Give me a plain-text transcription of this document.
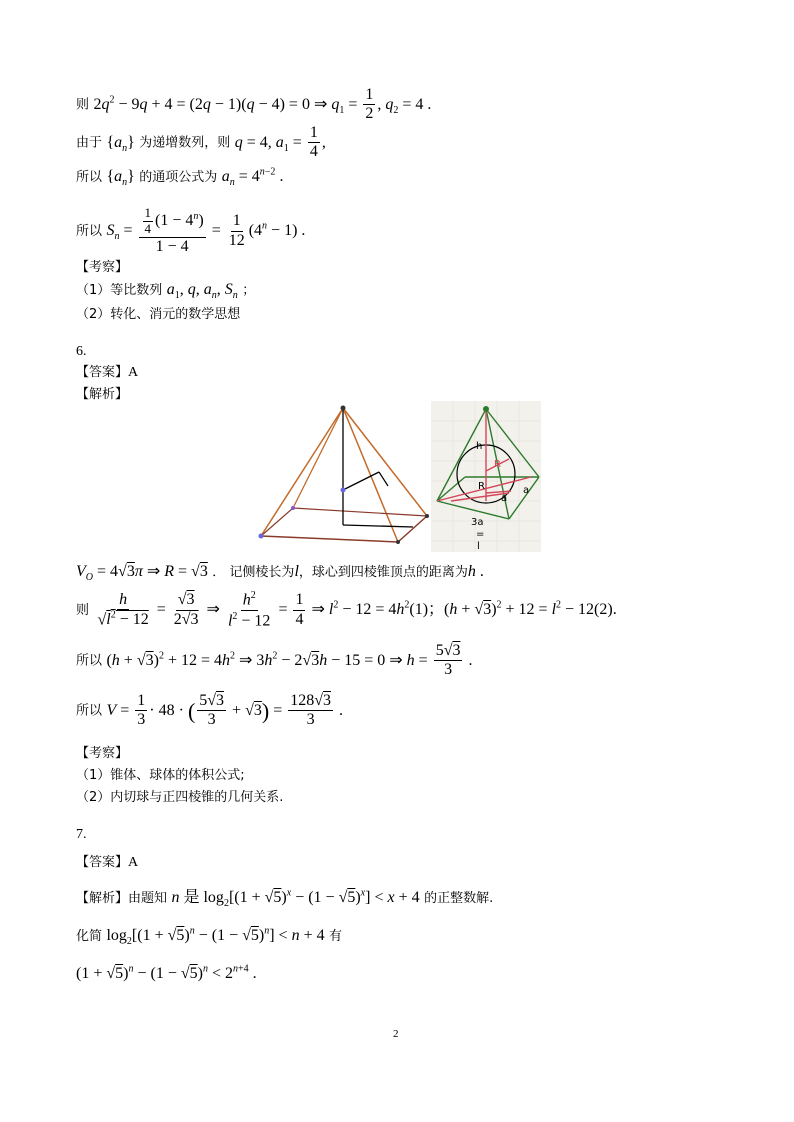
则 $2q^2 - 9q + 4 = (2q - 1)(q - 4) = 0$ ⇒ $q_1 = \frac{1}{2}$ , $q_2 = 4$ .
由于 $\{a_n\}$ 为递增数列，则 q = 4, $a_1 = \frac{1}{4}$ ,
所以 $\{a_n\}$ 的通项公式为 $a_n = 4^{n-2}$ .
所以 $S_n = \frac{\frac{1}{4} (1 - 4^n)}{1 - 4} = \frac{1}{12} (4^n - 1)$ .
【考察】
（1）等比数列 $a_1$, q, $a_n$, $S_n$ ；
（2）转化、消元的数学思想
6.
【答案】A
【解析】
h
R
R	a
a
3a
=
l
$V_O = 4√3\pi$ ⇒ R = √3 ． 记侧棱长为l，球心到四棱锥顶点的距离为h .
则 $\frac{h}{√l^2 - 12} = \frac{√3}{2√3}$ ⇒ $\frac{h^2}{l^2 - 12} = \frac{1}{4}$ ⇒ $l^2 - 12 = 4h^2(1)$；$(h + √3)^2 + 12 = l^2 - 12(2)$.
所以 $(h + √3)^2 + 12 = 4h^2$ ⇒ $3h^2 - 2√3h - 15 = 0$ ⇒ $h = \frac{5√3}{3}$ .
所以 $V = \frac{1}{3} \cdot 48$ · ( $\frac{5√3}{3} + √3) = \frac{128√3}{3}$ .
【考察】
（1）锥体、球体的体积公式;
（2）内切球与正四棱锥的几何关系.
7.
【答案】A
【解析】由题知 n 是 $\log_2[(1 + √5)^x - (1 - √5)^x] < x + 4$ 的正整数解.
化简 $\log_2[(1 + √5)^n - (1 - √5)^n] < n + 4$ 有
$(1 + √5)^n - (1 - √5)^n < 2^{n+4}$ .
2
